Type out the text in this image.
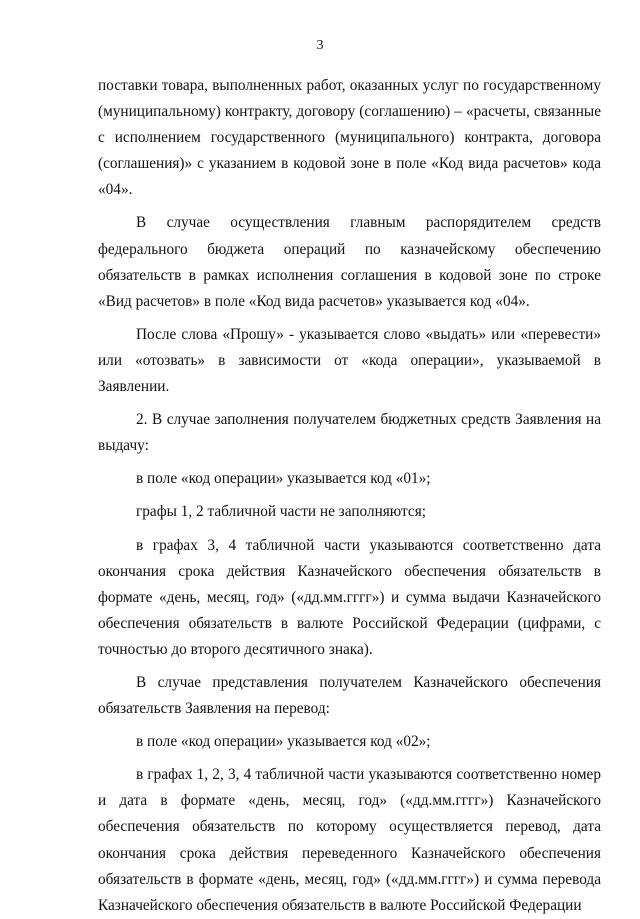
3

поставки товара, выполненных работ, оказанных услуг по государственному (муниципальному) контракту, договору (соглашению) – «расчеты, связанные с исполнением государственного (муниципального) контракта, договора (соглашения)» с указанием в кодовой зоне в поле «Код вида расчетов» кода «04».

В случае осуществления главным распорядителем средств федерального бюджета операций по казначейскому обеспечению обязательств в рамках исполнения соглашения в кодовой зоне по строке «Вид расчетов» в поле «Код вида расчетов» указывается код «04».

После слова «Прошу» - указывается слово «выдать» или «перевести» или «отозвать» в зависимости от «кода операции», указываемой в Заявлении.

2. В случае заполнения получателем бюджетных средств Заявления на выдачу:

в поле «код операции» указывается код «01»;

графы 1, 2 табличной части не заполняются;

в графах 3, 4 табличной части указываются соответственно дата окончания срока действия Казначейского обеспечения обязательств в формате «день, месяц, год» («дд.мм.гггг») и сумма выдачи Казначейского обеспечения обязательств в валюте Российской Федерации (цифрами, с точностью до второго десятичного знака).

В случае представления получателем Казначейского обеспечения обязательств Заявления на перевод:

в поле «код операции» указывается код «02»;

в графах 1, 2, 3, 4 табличной части указываются соответственно номер и дата в формате «день, месяц, год» («дд.мм.гггг») Казначейского обеспечения обязательств по которому осуществляется перевод, дата окончания срока действия переведенного Казначейского обеспечения обязательств в формате «день, месяц, год» («дд.мм.гггг») и сумма перевода Казначейского обеспечения обязательств в валюте Российской Федерации
